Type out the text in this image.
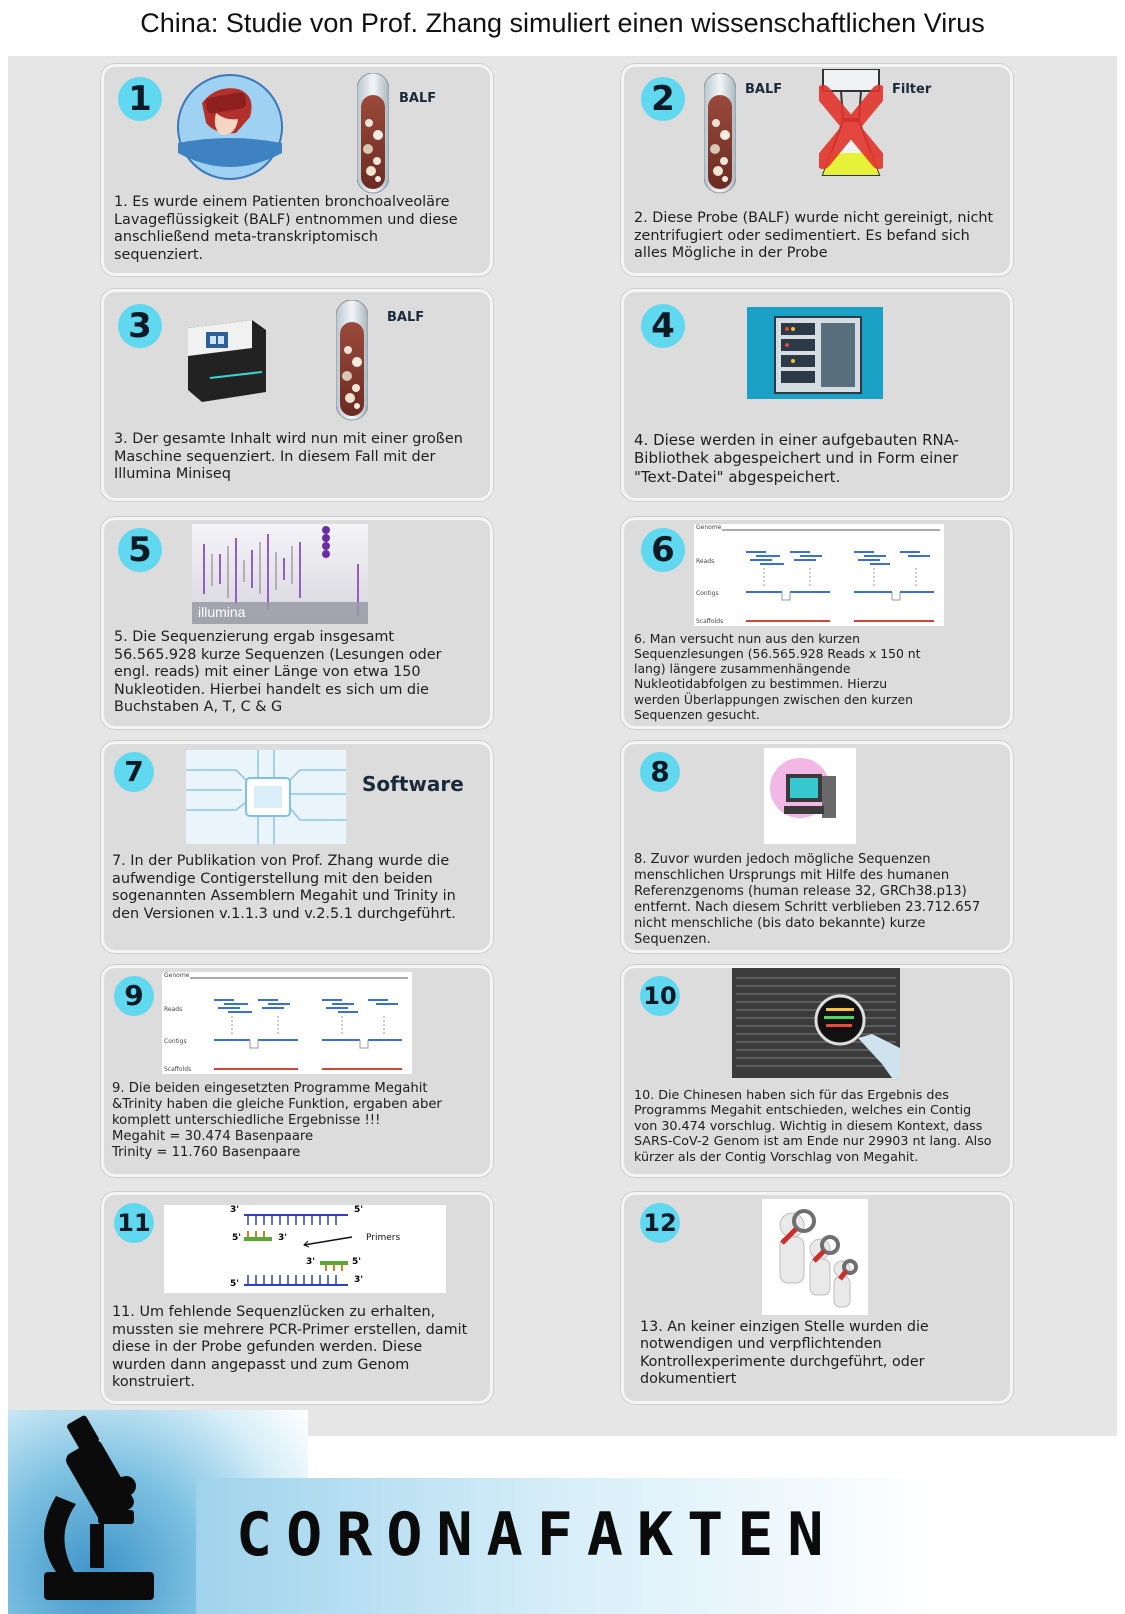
China: Studie von Prof. Zhang simuliert einen wissenschaftlichen Virus
1	BALF
1. Es wurde einem Patienten bronchoalveoläre Lavageflüssigkeit (BALF) entnommen und diese anschließend meta-transkriptomisch sequenziert.
2	BALF	Filter
2. Diese Probe (BALF) wurde nicht gereinigt, nicht zentrifugiert oder sedimentiert. Es befand sich alles Mögliche in der Probe
3	BALF
3. Der gesamte Inhalt wird nun mit einer großen Maschine sequenziert. In diesem Fall mit der Illumina Miniseq
4
4. Diese werden in einer aufgebauten RNA-Bibliothek abgespeichert und in Form einer "Text-Datei" abgespeichert.
5
illumina
5. Die Sequenzierung ergab insgesamt 56.565.928 kurze Sequenzen (Lesungen oder engl. reads) mit einer Länge von etwa 150 Nukleotiden. Hierbei handelt es sich um die Buchstaben A, T, C & G
6
Genome
Reads
Contigs
Scaffolds
6. Man versucht nun aus den kurzen Sequenzlesungen (56.565.928 Reads x 150 nt lang) längere zusammenhängende Nukleotidabfolgen zu bestimmen. Hierzu werden Überlappungen zwischen den kurzen Sequenzen gesucht.
7	Software
7. In der Publikation von Prof. Zhang wurde die aufwendige Contigerstellung mit den beiden sogenannten Assemblern Megahit und Trinity in den Versionen v.1.1.3 und v.2.5.1 durchgeführt.
8
8. Zuvor wurden jedoch mögliche Sequenzen menschlichen Ursprungs mit Hilfe des humanen Referenzgenoms (human release 32, GRCh38.p13) entfernt. Nach diesem Schritt verblieben 23.712.657 nicht menschliche (bis dato bekannte) kurze Sequenzen.
9
Genome
Reads
Contigs
Scaffolds
9. Die beiden eingesetzten Programme Megahit &Trinity haben die gleiche Funktion, ergaben aber komplett unterschiedliche Ergebnisse !!!
Megahit = 30.474 Basenpaare
Trinity = 11.760 Basenpaare
10
10. Die Chinesen haben sich für das Ergebnis des Programms Megahit entschieden, welches ein Contig von 30.474 vorschlug. Wichtig in diesem Kontext, dass SARS-CoV-2 Genom ist am Ende nur 29903 nt lang. Also kürzer als der Contig Vorschlag von Megahit.
11	3'	5'
5'	3'
3'	5'
5'	3'
Primers
11. Um fehlende Sequenzlücken zu erhalten, mussten sie mehrere PCR-Primer erstellen, damit diese in der Probe gefunden werden. Diese wurden dann angepasst und zum Genom konstruiert.
12
13. An keiner einzigen Stelle wurden die notwendigen und verpflichtenden Kontrollexperimente durchgeführt, oder dokumentiert
CORONAFAKTEN
